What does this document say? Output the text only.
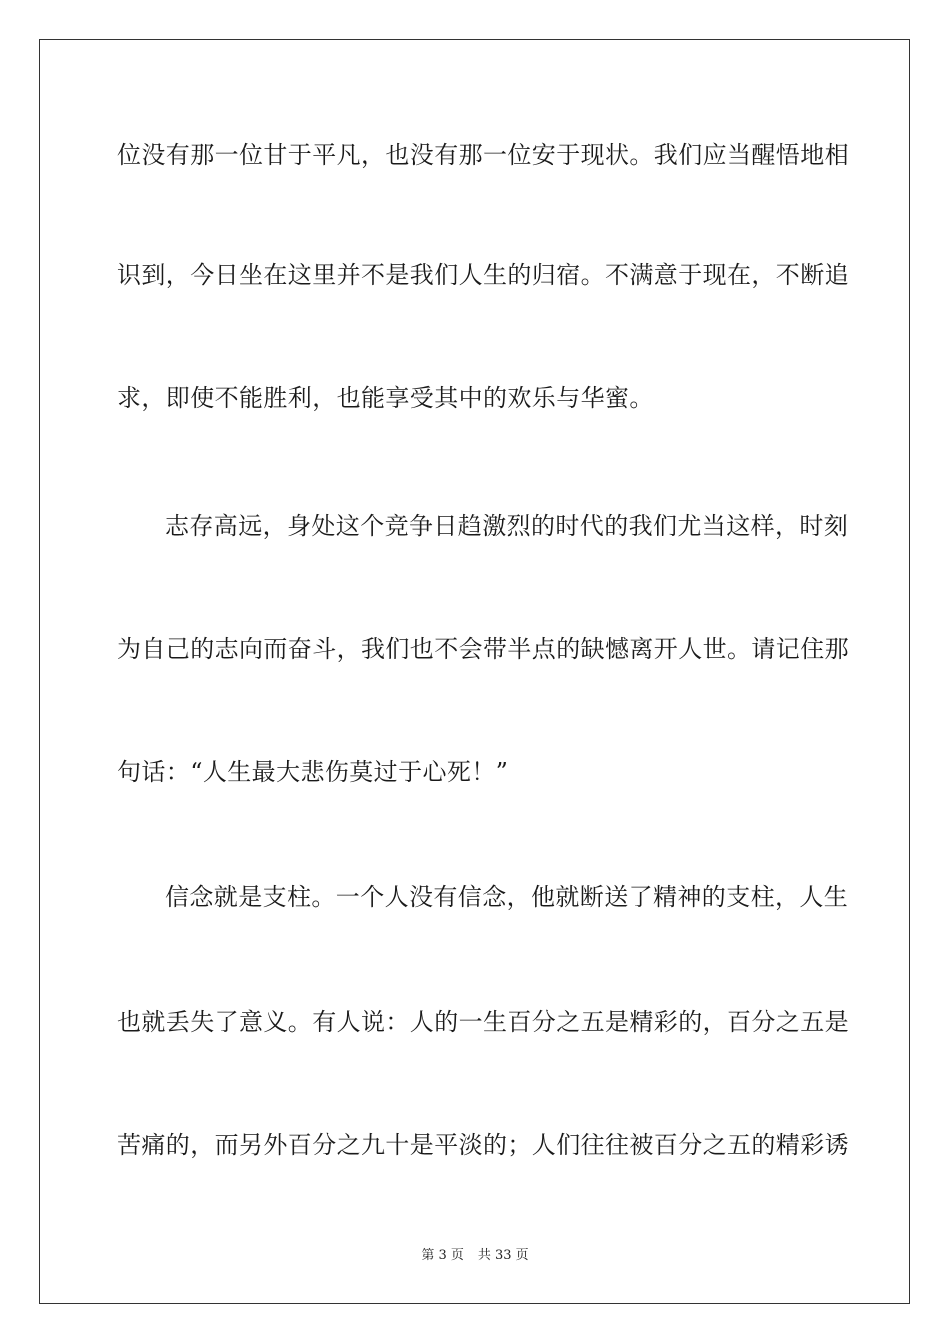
位没有那一位甘于平凡，也没有那一位安于现状。我们应当醒悟地相
识到，今日坐在这里并不是我们人生的归宿。不满意于现在，不断追
求，即使不能胜利，也能享受其中的欢乐与华蜜。
志存高远，身处这个竞争日趋激烈的时代的我们尤当这样，时刻
为自己的志向而奋斗，我们也不会带半点的缺憾离开人世。请记住那
句话：“人生最大悲伤莫过于心死！”
信念就是支柱。一个人没有信念，他就断送了精神的支柱，人生
也就丢失了意义。有人说：人的一生百分之五是精彩的，百分之五是
苦痛的，而另外百分之九十是平淡的；人们往往被百分之五的精彩诱
第 3 页 共 33 页
